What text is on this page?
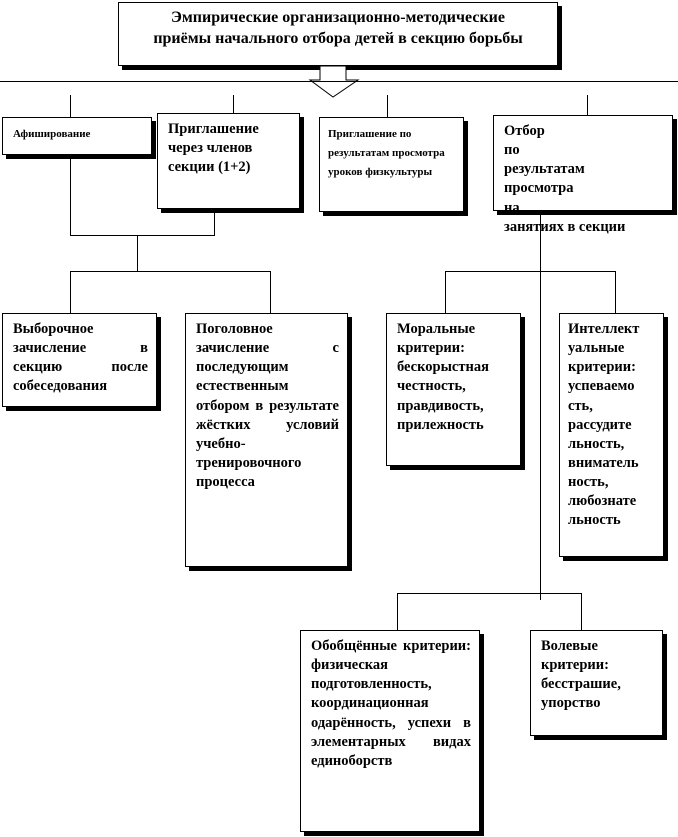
Эмпирические организационно-методические
приёмы начального отбора детей в секцию борьбы
Афиширование	Приглашение через членов секции (1+2)
Приглашение по результатам просмотра уроков физкультуры
Отбор
по
результатам
просмотра
на
занятиях в секции
Выборочное зачисление в секцию после собеседования
Поголовное зачисление с последующим естественным отбором в результате жёстких условий учебно-тренировочного процесса
Моральные критерии: бескорыстная честность, правдивость, прилежность
Интеллект уальные критерии: успеваемо сть, рассудите льность, вниматель ность, любознате льность
Обобщённые критерии: физическая подготовленность, координационная одарённость, успехи в элементарных видах единоборств
Волевые критерии: бесстрашие, упорство
